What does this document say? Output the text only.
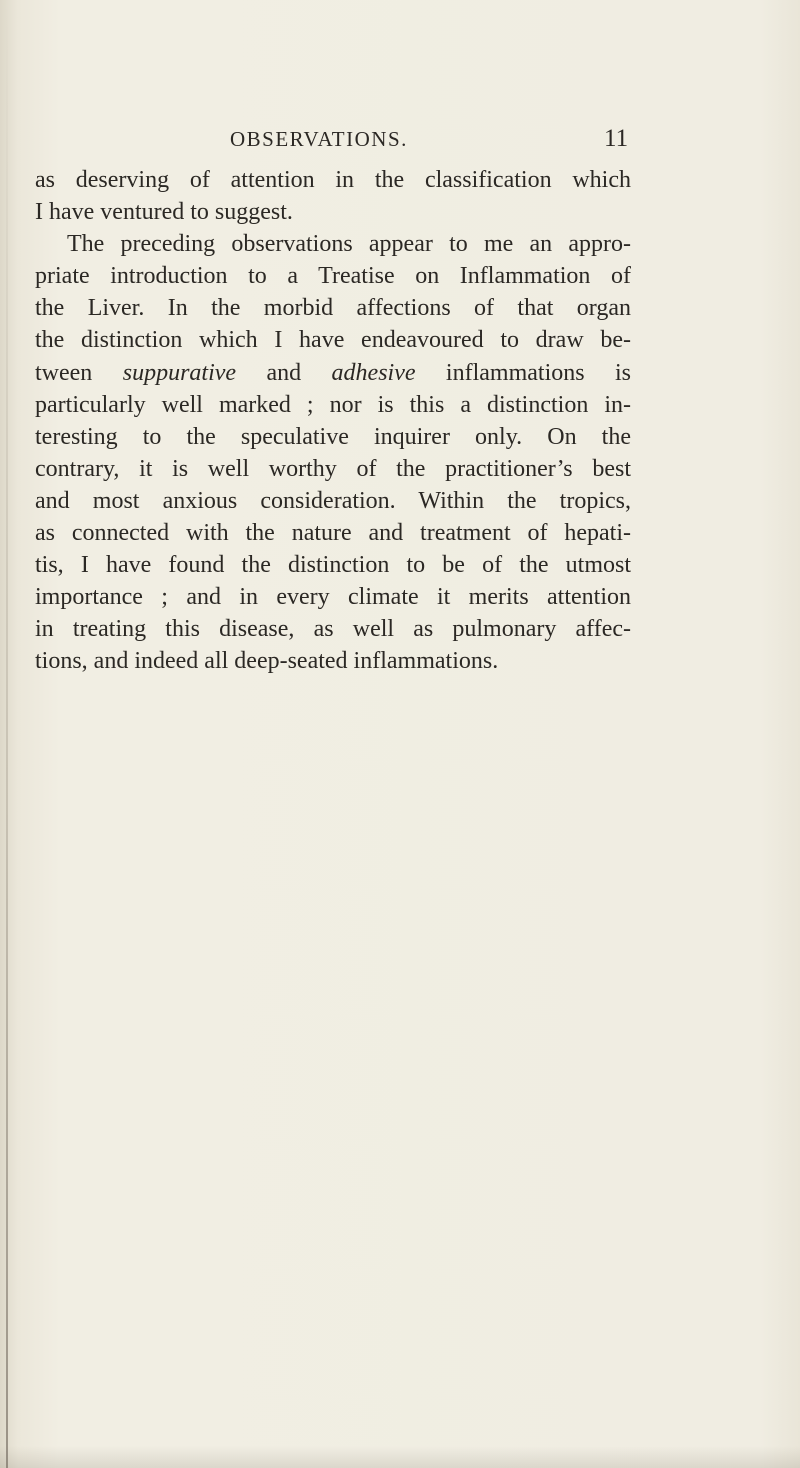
OBSERVATIONS.	11
as deserving of attention in the classification which
I have ventured to suggest.
The preceding observations appear to me an appro-
priate introduction to a Treatise on Inflammation of
the Liver. In the morbid affections of that organ
the distinction which I have endeavoured to draw be-
tween suppurative and adhesive inflammations is
particularly well marked ; nor is this a distinction in-
teresting to the speculative inquirer only. On the
contrary, it is well worthy of the practitioner’s best
and most anxious consideration. Within the tropics,
as connected with the nature and treatment of hepati-
tis, I have found the distinction to be of the utmost
importance ; and in every climate it merits attention
in treating this disease, as well as pulmonary affec-
tions, and indeed all deep-seated inflammations.
